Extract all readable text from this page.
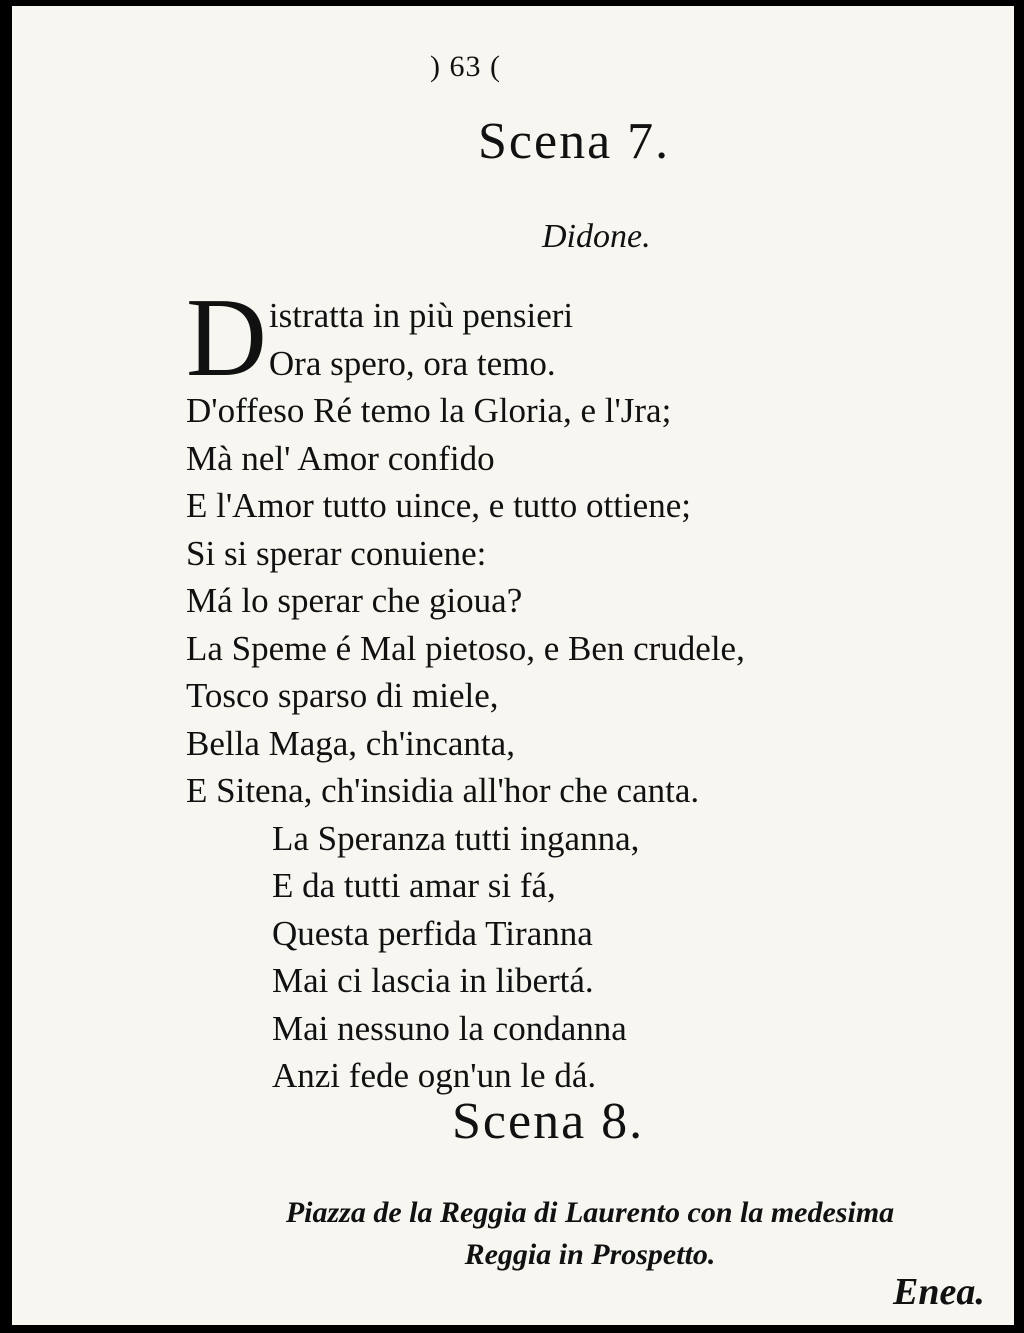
) 63 (
Scena 7.
Didone.
D istratta in più pensieri
Ora spero, ora temo.
D'offeso Ré temo la Gloria, e l'Jra;
Mà nel' Amor confido
E l'Amor tutto uince, e tutto ottiene;
Si si sperar conuiene:
Má lo sperar che gioua?
La Speme é Mal pietoso, e Ben crudele,
Tosco sparso di miele,
Bella Maga, ch'incanta,
E Sitena, ch'insidia all'hor che canta.
La Speranza tutti inganna,
E da tutti amar si fá,
Questa perfida Tiranna
Mai ci lascia in libertá.
Mai nessuno la condanna
Anzi fede ogn'un le dá.
Scena 8.
Piazza de la Reggia di Laurento con la medesima
Reggia in Prospetto.
Enea.
